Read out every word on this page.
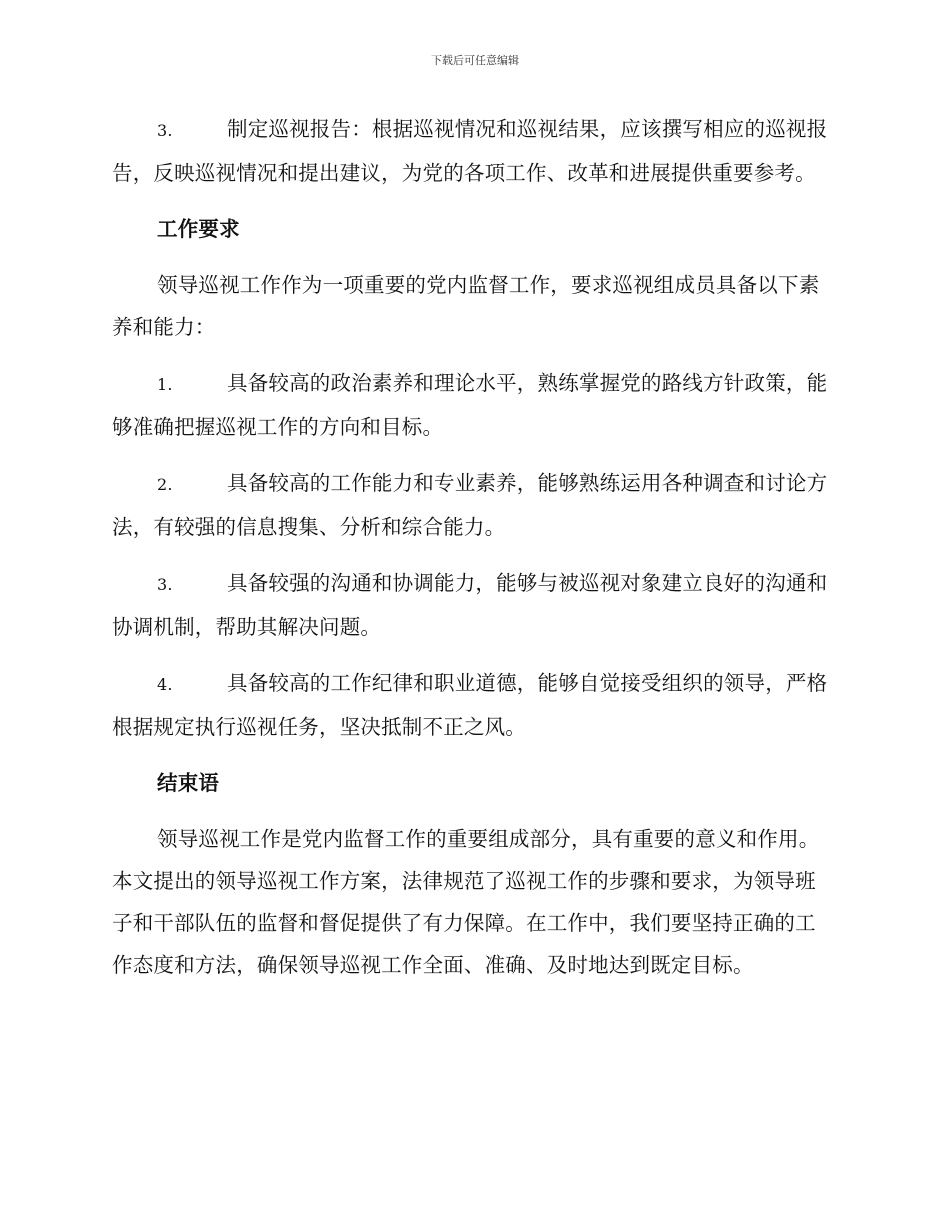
下载后可任意编辑

3.	制定巡视报告：根据巡视情况和巡视结果，应该撰写相应的巡视报告，反映巡视情况和提出建议，为党的各项工作、改革和进展提供重要参考。

工作要求

领导巡视工作作为一项重要的党内监督工作，要求巡视组成员具备以下素养和能力：

1.	具备较高的政治素养和理论水平，熟练掌握党的路线方针政策，能够准确把握巡视工作的方向和目标。

2.	具备较高的工作能力和专业素养，能够熟练运用各种调查和讨论方法，有较强的信息搜集、分析和综合能力。

3.	具备较强的沟通和协调能力，能够与被巡视对象建立良好的沟通和协调机制，帮助其解决问题。

4.	具备较高的工作纪律和职业道德，能够自觉接受组织的领导，严格根据规定执行巡视任务，坚决抵制不正之风。

结束语

领导巡视工作是党内监督工作的重要组成部分，具有重要的意义和作用。本文提出的领导巡视工作方案，法律规范了巡视工作的步骤和要求，为领导班子和干部队伍的监督和督促提供了有力保障。在工作中，我们要坚持正确的工作态度和方法，确保领导巡视工作全面、准确、及时地达到既定目标。
